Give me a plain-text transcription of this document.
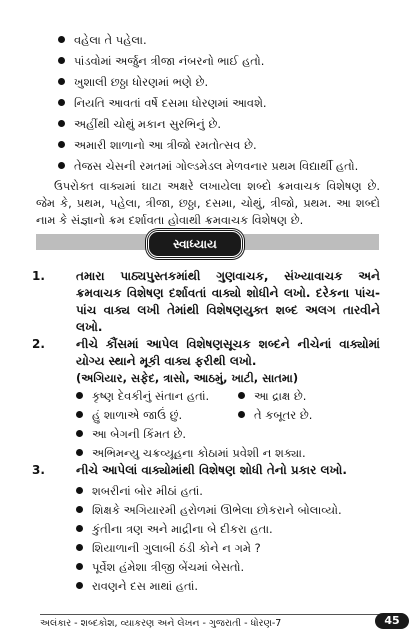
વહેલા તે પહેલા.
પાંડવોમાં અર્જુન ત્રીજા નંબરનો ભાઈ હતો.
ખુશાલી છઠ્ઠા ધોરણમાં ભણે છે.
નિયતિ આવતાં વર્ષે દસમા ધોરણમાં આવશે.
અહીંથી ચોથું મકાન સુરભિનું છે.
અમારી શાળાનો આ ત્રીજો રમતોત્સવ છે.
તેજસ ચેસની રમતમાં ગોલ્ડમેડલ મેળવનાર પ્રથમ વિદ્યાર્થી હતો.

ઉપરોક્ત વાક્યમાં ઘાટા અક્ષરે લખાયેલા શબ્દો ક્રમવાચક વિશેષણ છે. જેમ કે, પ્રથમ, પહેલા, ત્રીજા, છઠ્ઠા, દસમા, ચોથું, ત્રીજો, પ્રથમ. આ શબ્દો નામ કે સંજ્ઞાનો ક્રમ દર્શાવતા હોવાથી ક્રમવાચક વિશેષણ છે.

સ્વાધ્યાય
1.	તમારા પાઠ્યપુસ્તકમાંથી ગુણવાચક, સંખ્યાવાચક અને ક્રમવાચક વિશેષણ દર્શાવતાં વાક્યો શોધીને લખો. દરેકના પાંચ-પાંચ વાક્ય લખી તેમાંથી વિશેષણયુક્ત શબ્દ અલગ તારવીને લખો.
2.	નીચે કૌંસમાં આપેલ વિશેષણસૂચક શબ્દને નીચેનાં વાક્યોમાં યોગ્ય સ્થાને મૂકી વાક્ય ફરીથી લખો.
(અગિયાર, સફેદ, ત્રાસો, આઠમું, ખાટી, સાતમા)
કૃષ્ણ દેવકીનું સંતાન હતાં.	આ દ્રાક્ષ છે.
હું શાળાએ જાઉં છું.	તે કબૂતર છે.
આ બેગની કિંમત છે.
અભિમન્યુ ચક્રવ્યૂહના કોઠામાં પ્રવેશી ન શક્યા.
3.	નીચે આપેલાં વાક્યોમાંથી વિશેષણ શોધી તેનો પ્રકાર લખો.
શબરીનાં બોર મીઠાં હતાં.
શિક્ષકે અગિયારમી હરોળમાં ઊભેલા છોકરાને બોલાવ્યો.
કુંતીના ત્રણ અને માદ્રીના બે દીકરા હતા.
શિયાળાની ગુલાબી ઠંડી કોને ન ગમે ?
પૂર્વેશ હંમેશા ત્રીજી બેંચમાં બેસતો.
રાવણને દસ માથાં હતાં.
અલંકાર - શબ્દકોશ, વ્યાકરણ અને લેખન - ગુજરાતી - ધોરણ-7	45
